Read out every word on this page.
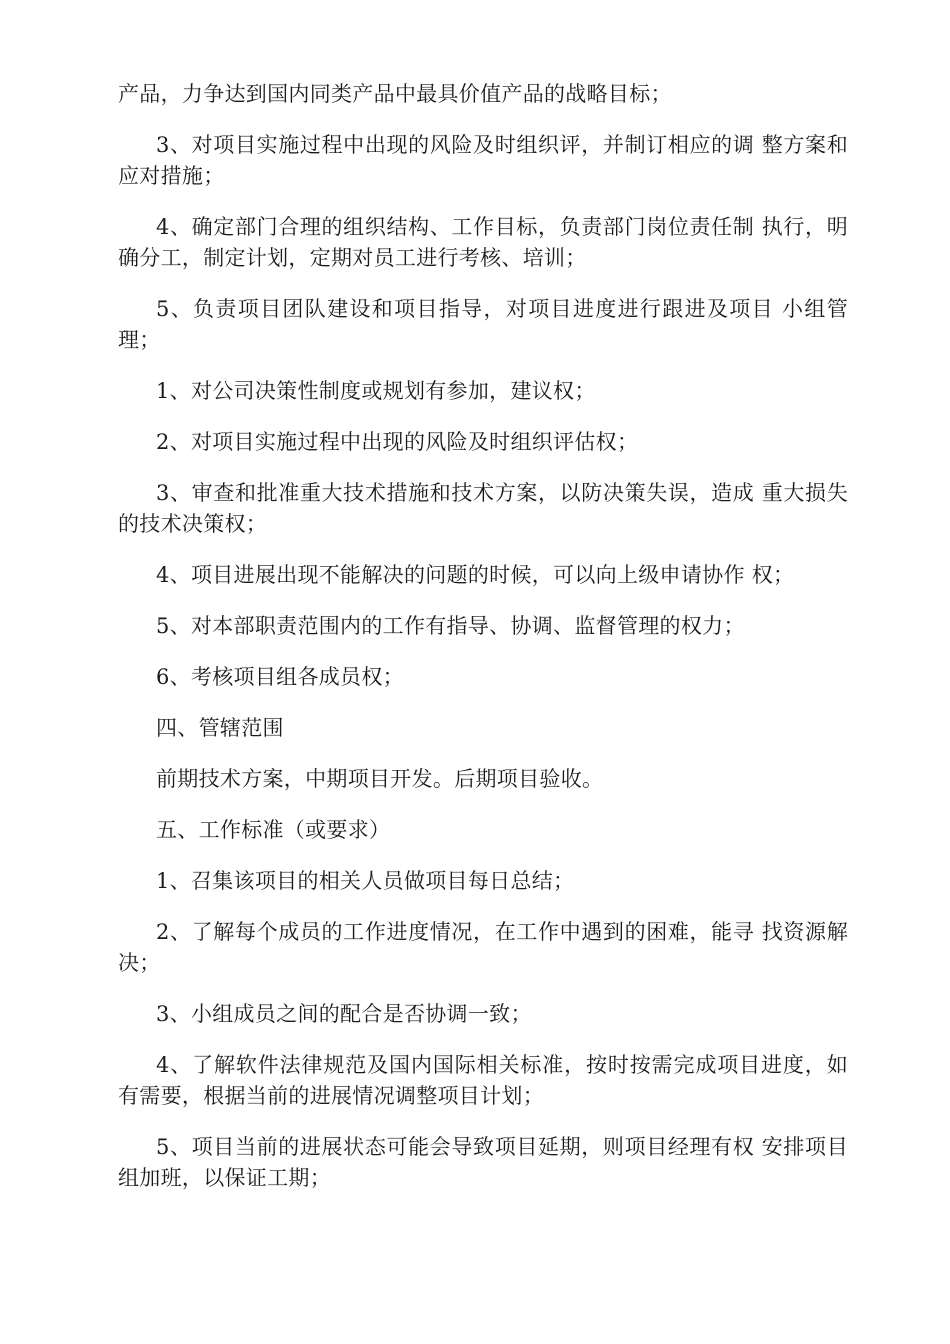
产品，力争达到国内同类产品中最具价值产品的战略目标；

3、对项目实施过程中出现的风险及时组织评，并制订相应的调 整方案和应对措施；

4、确定部门合理的组织结构、工作目标，负责部门岗位责任制 执行，明确分工，制定计划，定期对员工进行考核、培训；

5、负责项目团队建设和项目指导，对项目进度进行跟进及项目 小组管理；

1、对公司决策性制度或规划有参加，建议权；

2、对项目实施过程中出现的风险及时组织评估权；

3、审查和批准重大技术措施和技术方案，以防决策失误，造成 重大损失的技术决策权；

4、项目进展出现不能解决的问题的时候，可以向上级申请协作 权；

5、对本部职责范围内的工作有指导、协调、监督管理的权力；

6、考核项目组各成员权；

四、管辖范围

前期技术方案，中期项目开发。后期项目验收。

五、工作标准（或要求）

1、召集该项目的相关人员做项目每日总结；

2、了解每个成员的工作进度情况，在工作中遇到的困难，能寻 找资源解决；

3、小组成员之间的配合是否协调一致；

4、了解软件法律规范及国内国际相关标准，按时按需完成项目进度，如有需要，根据当前的进展情况调整项目计划；

5、项目当前的进展状态可能会导致项目延期，则项目经理有权 安排项目组加班，以保证工期；
